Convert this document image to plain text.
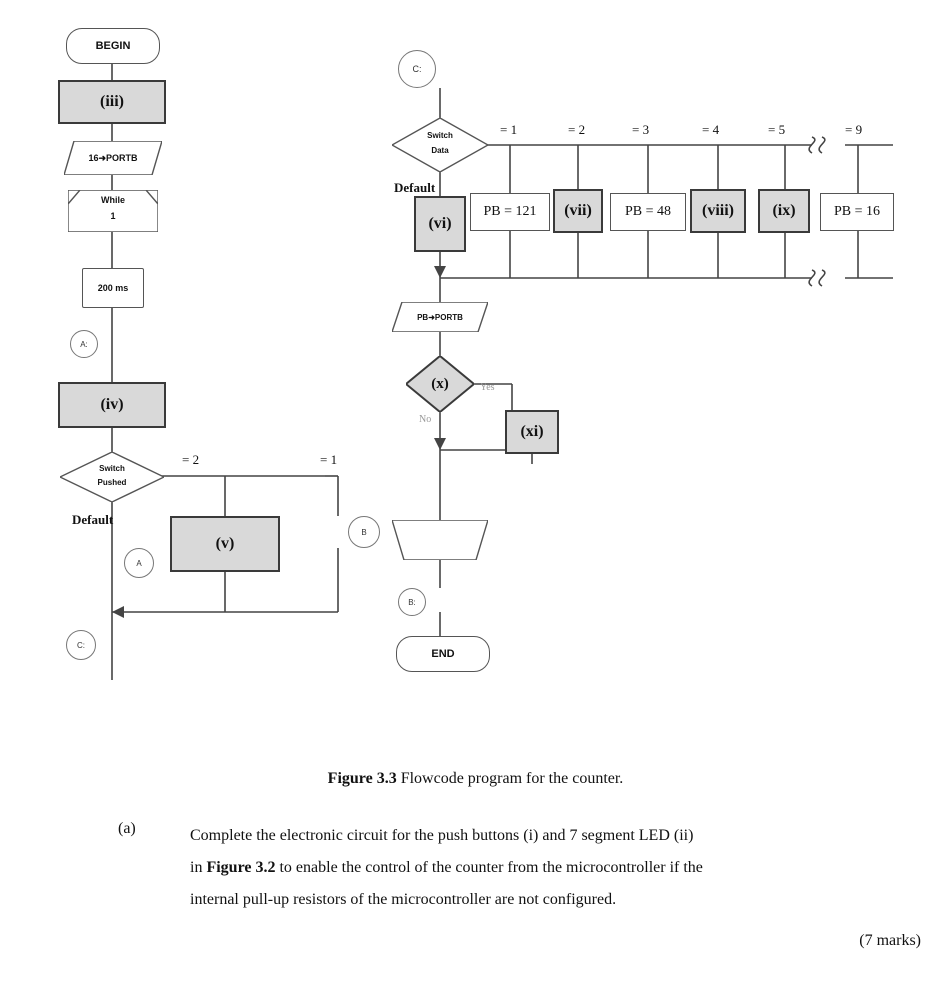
BEGIN
(iii)
16➜PORTB
While
1
200 ms
A:
(iv)
Switch
Pushed
Default
= 2	= 1
(v)
B
A
C:
C:
Switch
Data
Default
= 1	= 2	= 3	= 4	= 5	= 9
(vi)
PB = 121	(vii)	PB = 48	(viii)	(ix)	PB = 16
PB➜PORTB
(x)	Yes
No
(xi)
B:
END
Figure 3.3 Flowcode program for the counter.
(a)	Complete the electronic circuit for the push buttons (i) and 7 segment LED (ii)
in Figure 3.2 to enable the control of the counter from the microcontroller if the
internal pull-up resistors of the microcontroller are not configured.
(7 marks)
